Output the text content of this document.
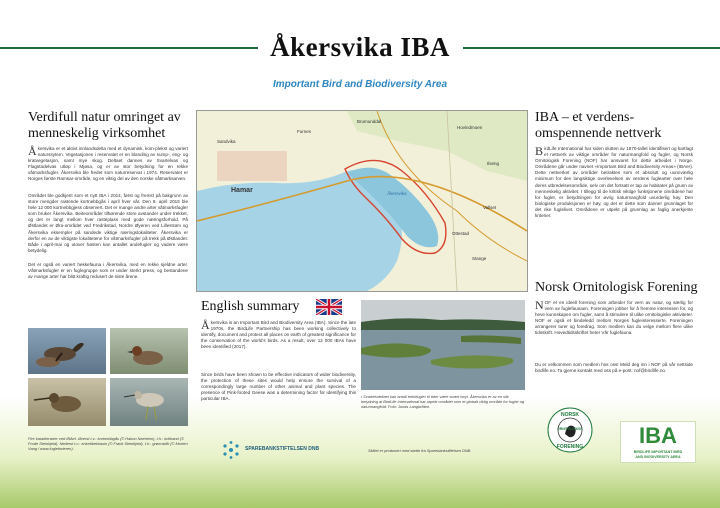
Åkersvika IBA
Important Bird and Biodiversity Area
Verdifull natur omringet av
menneskelig virksomhet
Åkersvika er et aktivt innlandsdelta med et dynamisk, kom-plekst og variert naturssytem. Vegetasjonen i reservatet er en blanding av sump-, eng- og kratvegetasjon, samt mye skog. Deltaet dannes av Svartelvas og Flagstadelvas utløp i Mjøsa, og er av stor betydning for en rekke våtmarksfugler. Åkersvika ble fredet som naturreservat i 1974. Reservatet er Norges første Ramsar-område, og en viktig del av den norske våtmarksarven.
Området ble godkjent som et nytt IBA i 2014, først og fremst på bakgrunn av store mengder rastende kortnebbgås i april hver vår. Den 9. april 2015 ble hele 12 000 kortnebbgjess observert. Det er mange andre arter våtmarksfugler som bruker Åkersvika. Beiteområder tilhørende store avstander under trekket, og det er langt mellom hver rasteplass med gode næringsforhold. På Østlandet er Øra-området ved Fredrikstad, Nordre Øyeren ved Lillestrøm og Åkersvika eksempler på sandede viktige næringslokaliteter. Åkersvika er derfor en av de viktigste lokalitetene for våtmarksfugler på trekk på Østlandet. Både i april-mai og utover høsten kan antallet andefugler og vadere være betydelig.
Det er også en variert hekkefauna i Åkersvika, med en rekke sjeldne arter. Våtmarksfugler er en fuglegruppe som er under sterkt press, og bestandene av mange arter har blitt kraftig redusert de siste årene.
Fire karakterarter ved IBAet. Øverst t.v.: kortnebbgås (© Hakon Naeheim), t.h.: krikkand (© Frode Steinkjeld). Nederst t.v.: enkeltbekkasin (© Frank Steinkjeld), t.h.: grønnstilk (© Morten Vang / www.fugleforteren).
Brumunddal
Hovindmoen
Hamar	Åkersvika
Stange
Sandvika
Ottestad
Vallset
Furnes
Ilseng
English summary
Åkersvika is an Important Bird and Biodiversity Area (IBA). Since the late 1970s, the BirdLife Partnership has been working collectively to identify, document and protect all places on earth of greatest significance for the conservation of the world's birds. As a result, over 12 000 IBAs have been identified (2017).
Since birds have been shown to be effective indicators of wider biodiversity, the protection of these sites would help ensure the survival of a correspondingly large number of other animal and plant species. The presence of Pink-footed Geese was a determining factor for identifying this particular IBA.	I Svartelvdeltaet kan antall trekkfugler til tider være svært høyt. Åkersvika er av en slik betydning at BirdLife International har utpekt området som et globalt viktig område for fugler og naturmangfold. Foto: Jonas Langbråten.
SPAREBANKSTIFTELSEN DNB	Skiltet er produsert med støtte fra Sparebankstiftelsen DNB.
IBA – et verdens-
omspennende nettverk
BirdLife International har siden slutten av 1970-tallet identifisert og kartlagt et nettverk av viktige områder for naturmangfold og fugler, og Norsk Ornitologisk Forening (NOF) har ansvaret for dette arbeidet i Norge. Områdene går under navnet «Important Bird and Biodiversity Areas» (IBAer). Dette nettverket av områder betraktes som et absolutt og uunnværlig minimum for den langsiktige overlevelsen av verdens fuglearter over hele deres utbredelsesområde, selv om det fortsatt er tap av habitater på grunn av menneskelig aktivitet. I tillegg til de kritisk viktige funksjonene områdene har for fugler, er betydningen for øvrig naturmangfold uvurderlig høy. Den biologiske produksjonen er høy, og det er dette som danner grunnlaget for det rike fuglelivet. Områdene er utpekt på grunnlag av faglig anerkjente kriterier.
Norsk Ornitologisk Forening
NOF er en ideell forening som arbeider for vern av natur, og særlig for vern av fuglefaunaen. Foreningen jobber for å fremme interessen for, og heve kunnskapen om fugler, samt å stimulere til ulike ornitologiske aktiviteter. NOF er også et bindeledd mellom Norges fugleinteresserte. Foreningen arrangerer turer og foredrag. Som medlem kan du velge mellom flere ulike tidsskrift. Hovedtidsskriftet heter Vår fuglefauna.
Du er velkommen som medlem hos oss! Meld deg inn i NOF på vår nettside birdlife.no. Ta gjerne kontakt med oss på e-post: nof@birdlife.no.
NORSK
ORNITOLOGISK
FORENING	IBA
BIRDLIFE IMPORTANT BIRD
AND BIODIVERSITY AREA
